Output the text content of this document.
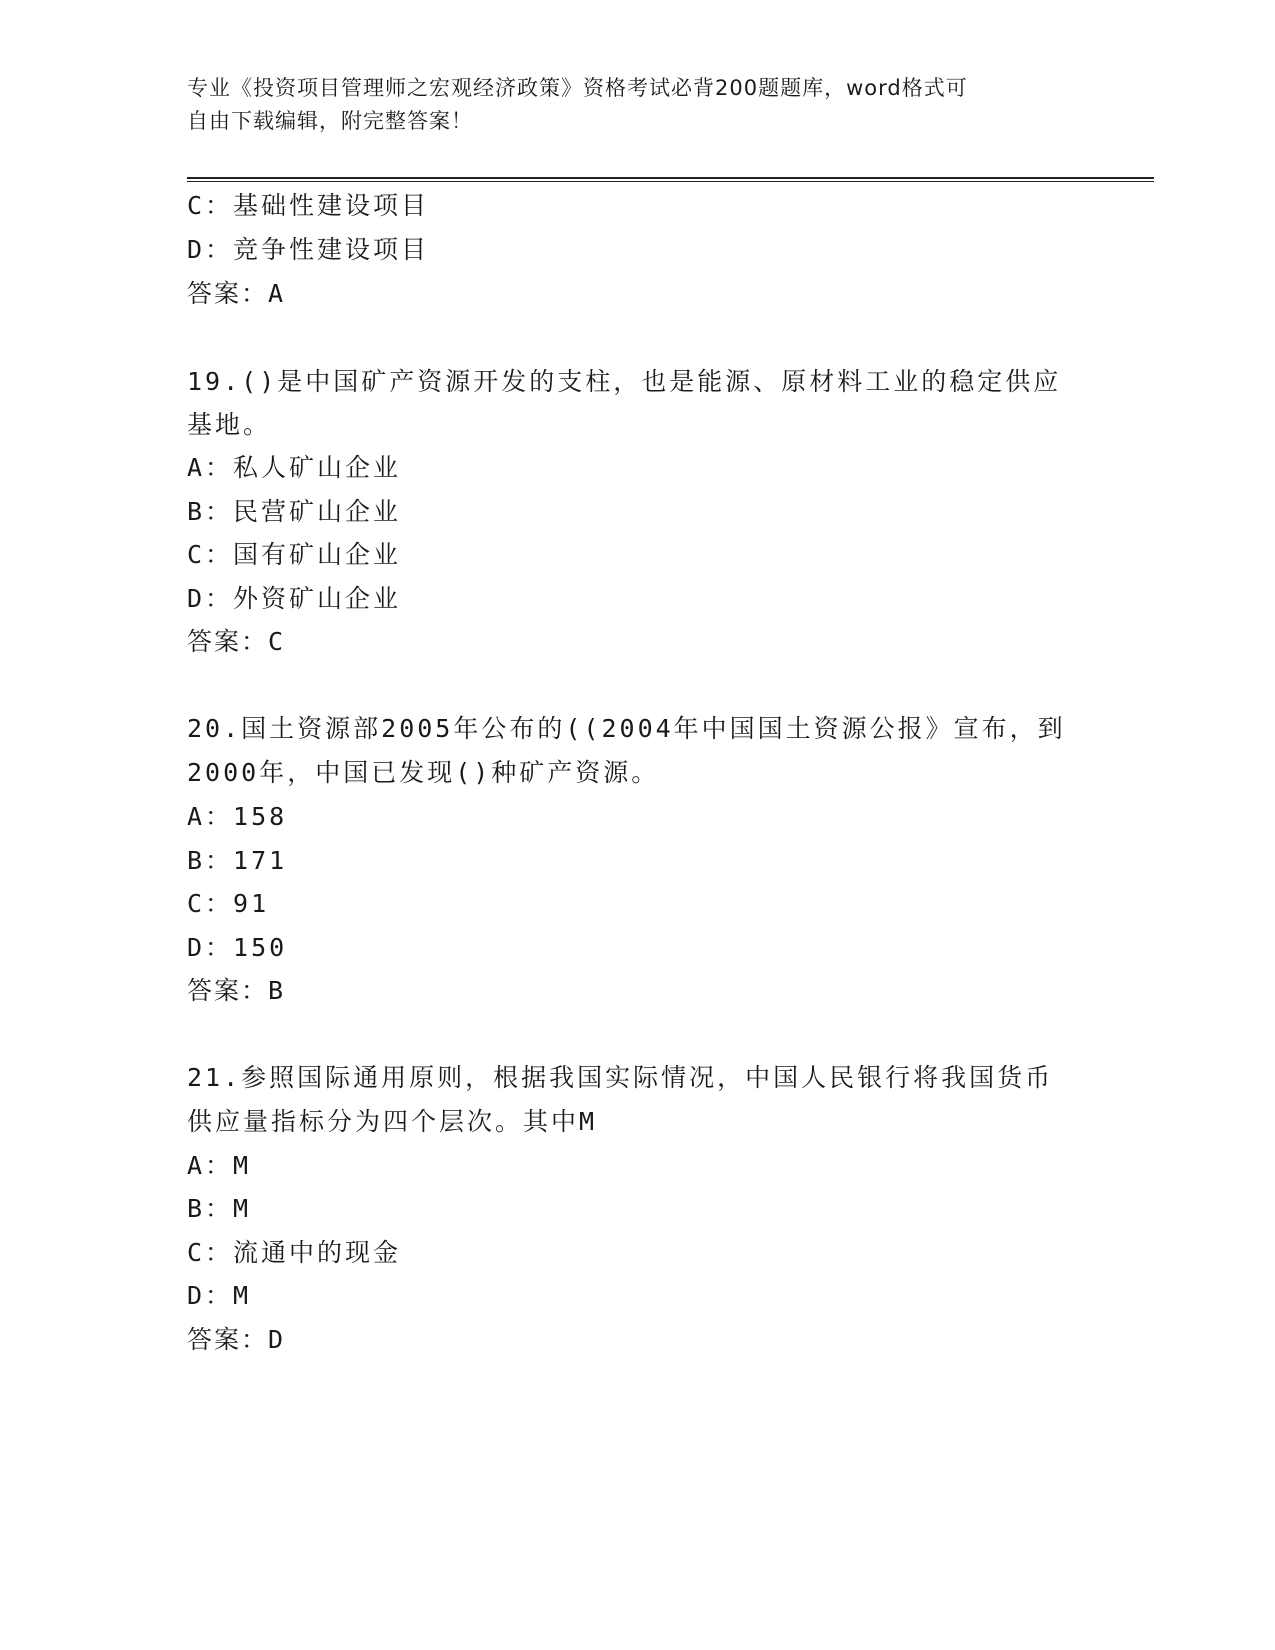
专业《投资项目管理师之宏观经济政策》资格考试必背200题题库，word格式可
自由下载编辑，附完整答案！
C：基础性建设项目
D：竞争性建设项目
答案：A
19.()是中国矿产资源开发的支柱，也是能源、原材料工业的稳定供应
基地。
A：私人矿山企业
B：民营矿山企业
C：国有矿山企业
D：外资矿山企业
答案：C
20.国土资源部2005年公布的((2004年中国国土资源公报》宣布，到
2000年，中国已发现()种矿产资源。
A：158
B：171
C：91
D：150
答案：B
21.参照国际通用原则，根据我国实际情况，中国人民银行将我国货币
供应量指标分为四个层次。其中M
A：M
B：M
C：流通中的现金
D：M
答案：D
